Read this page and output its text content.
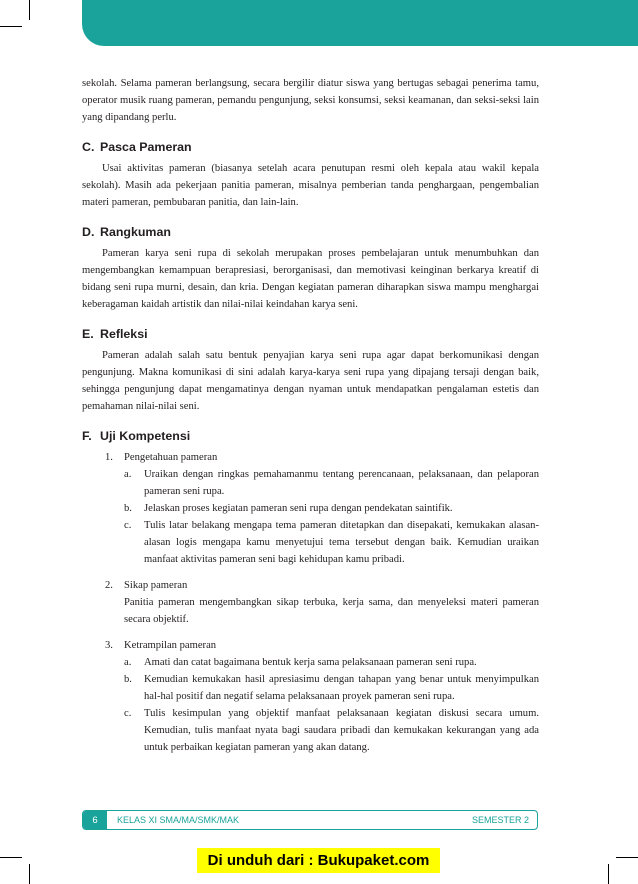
sekolah. Selama pameran berlangsung, secara bergilir diatur siswa yang bertugas sebagai penerima tamu, operator musik ruang pameran, pemandu pengunjung, seksi konsumsi, seksi keamanan, dan seksi-seksi lain yang dipandang perlu.

C. Pasca Pameran

Usai aktivitas pameran (biasanya setelah acara penutupan resmi oleh kepala atau wakil kepala sekolah). Masih ada pekerjaan panitia pameran, misalnya pemberian tanda penghargaan, pengembalian materi pameran, pembubaran panitia, dan lain-lain.

D. Rangkuman

Pameran karya seni rupa di sekolah merupakan proses pembelajaran untuk menumbuhkan dan mengembangkan kemampuan berapresiasi, berorganisasi, dan memotivasi keinginan berkarya kreatif di bidang seni rupa murni, desain, dan kria. Dengan kegiatan pameran diharapkan siswa mampu menghargai keberagaman kaidah artistik dan nilai-nilai keindahan karya seni.

E. Refleksi

Pameran adalah salah satu bentuk penyajian karya seni rupa agar dapat berkomunikasi dengan pengunjung. Makna komunikasi di sini adalah karya-karya seni rupa yang dipajang tersaji dengan baik, sehingga pengunjung dapat mengamatinya dengan nyaman untuk mendapatkan pengalaman estetis dan pemahaman nilai-nilai seni.

F. Uji Kompetensi
1. Pengetahuan pameran
a. Uraikan dengan ringkas pemahamanmu tentang perencanaan, pelaksanaan, dan pelaporan pameran seni rupa.

b. Jelaskan proses kegiatan pameran seni rupa dengan pendekatan saintifik.

c. Tulis latar belakang mengapa tema pameran ditetapkan dan disepakati, kemukakan alasan-alasan logis mengapa kamu menyetujui tema tersebut dengan baik. Kemudian uraikan manfaat aktivitas pameran seni bagi kehidupan kamu pribadi.

2. Sikap pameran

Panitia pameran mengembangkan sikap terbuka, kerja sama, dan menyeleksi materi pameran secara objektif.

3. Ketrampilan pameran
a. Amati dan catat bagaimana bentuk kerja sama pelaksanaan pameran seni rupa.

b. Kemudian kemukakan hasil apresiasimu dengan tahapan yang benar untuk menyimpulkan hal-hal positif dan negatif selama pelaksanaan proyek pameran seni rupa.

c. Tulis kesimpulan yang objektif manfaat pelaksanaan kegiatan diskusi secara umum. Kemudian, tulis manfaat nyata bagi saudara pribadi dan kemukakan kekurangan yang ada untuk perbaikan kegiatan pameran yang akan datang.

6	KELAS XI SMA/MA/SMK/MAK	SEMESTER 2
Di unduh dari : Bukupaket.com
